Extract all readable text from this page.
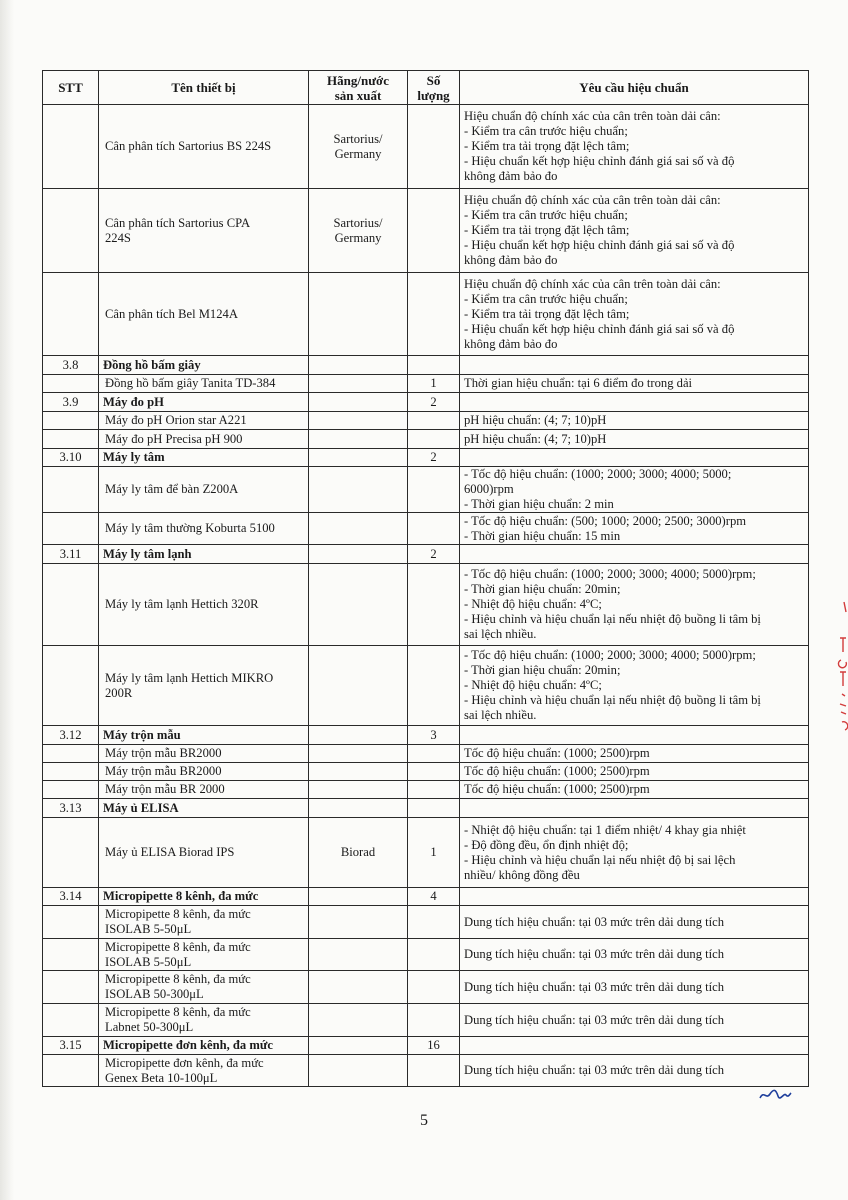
STT	Tên thiết bị	Hãng/nước
sản xuất	Số
lượng	Yêu cầu hiệu chuẩn
	Cân phân tích Sartorius BS 224S	Sartorius/
Germany		Hiệu chuẩn độ chính xác của cân trên toàn dải cân:
- Kiểm tra cân trước hiệu chuẩn;
- Kiểm tra tải trọng đặt lệch tâm;
- Hiệu chuẩn kết hợp hiệu chỉnh đánh giá sai số và độ
không đảm bảo đo

	Cân phân tích Sartorius CPA
224S	Sartorius/
Germany		Hiệu chuẩn độ chính xác của cân trên toàn dải cân:
- Kiểm tra cân trước hiệu chuẩn;
- Kiểm tra tải trọng đặt lệch tâm;
- Hiệu chuẩn kết hợp hiệu chỉnh đánh giá sai số và độ
không đảm bảo đo

	Cân phân tích Bel M124A			Hiệu chuẩn độ chính xác của cân trên toàn dải cân:
- Kiểm tra cân trước hiệu chuẩn;
- Kiểm tra tải trọng đặt lệch tâm;
- Hiệu chuẩn kết hợp hiệu chỉnh đánh giá sai số và độ
không đảm bảo đo

3.8	Đồng hồ bấm giây			
	Đồng hồ bấm giây Tanita TD-384		1	Thời gian hiệu chuẩn: tại 6 điểm đo trong dải

3.9	Máy đo pH		2	
	Máy đo pH Orion star A221			pH hiệu chuẩn: (4; 7; 10)pH

	Máy đo pH Precisa pH 900			pH hiệu chuẩn: (4; 7; 10)pH

3.10	Máy ly tâm		2	
	Máy ly tâm để bàn Z200A			- Tốc độ hiệu chuẩn: (1000; 2000; 3000; 4000; 5000;
6000)rpm
- Thời gian hiệu chuẩn: 2 min

	Máy ly tâm thường Koburta 5100			- Tốc độ hiệu chuẩn: (500; 1000; 2000; 2500; 3000)rpm
- Thời gian hiệu chuẩn: 15 min

3.11	Máy ly tâm lạnh		2	
	Máy ly tâm lạnh Hettich 320R			- Tốc độ hiệu chuẩn: (1000; 2000; 3000; 4000; 5000)rpm;
- Thời gian hiệu chuẩn: 20min;
- Nhiệt độ hiệu chuẩn: 4ºC;
- Hiệu chỉnh và hiệu chuẩn lại nếu nhiệt độ buồng li tâm bị
sai lệch nhiều.

	Máy ly tâm lạnh Hettich MIKRO
200R			- Tốc độ hiệu chuẩn: (1000; 2000; 3000; 4000; 5000)rpm;
- Thời gian hiệu chuẩn: 20min;
- Nhiệt độ hiệu chuẩn: 4ºC;
- Hiệu chỉnh và hiệu chuẩn lại nếu nhiệt độ buồng li tâm bị
sai lệch nhiều.

3.12	Máy trộn mẫu		3	
	Máy trộn mẫu BR2000			Tốc độ hiệu chuẩn: (1000; 2500)rpm

	Máy trộn mẫu BR2000			Tốc độ hiệu chuẩn: (1000; 2500)rpm

	Máy trộn mẫu BR 2000			Tốc độ hiệu chuẩn: (1000; 2500)rpm

3.13	Máy ủ ELISA			
	Máy ủ ELISA Biorad IPS	Biorad	1	- Nhiệt độ hiệu chuẩn: tại 1 điểm nhiệt/ 4 khay gia nhiệt
- Độ đồng đều, ổn định nhiệt độ;
- Hiệu chỉnh và hiệu chuẩn lại nếu nhiệt độ bị sai lệch
nhiều/ không đồng đều

3.14	Micropipette 8 kênh, đa mức		4	
	Micropipette 8 kênh, đa mức
ISOLAB 5-50μL			Dung tích hiệu chuẩn: tại 03 mức trên dải dung tích

	Micropipette 8 kênh, đa mức
ISOLAB 5-50μL			Dung tích hiệu chuẩn: tại 03 mức trên dải dung tích

	Micropipette 8 kênh, đa mức
ISOLAB 50-300μL			Dung tích hiệu chuẩn: tại 03 mức trên dải dung tích

	Micropipette 8 kênh, đa mức
Labnet 50-300μL			Dung tích hiệu chuẩn: tại 03 mức trên dải dung tích

3.15	Micropipette đơn kênh, đa mức		16	
	Micropipette đơn kênh, đa mức
Genex Beta 10-100μL			Dung tích hiệu chuẩn: tại 03 mức trên dải dung tích
5
